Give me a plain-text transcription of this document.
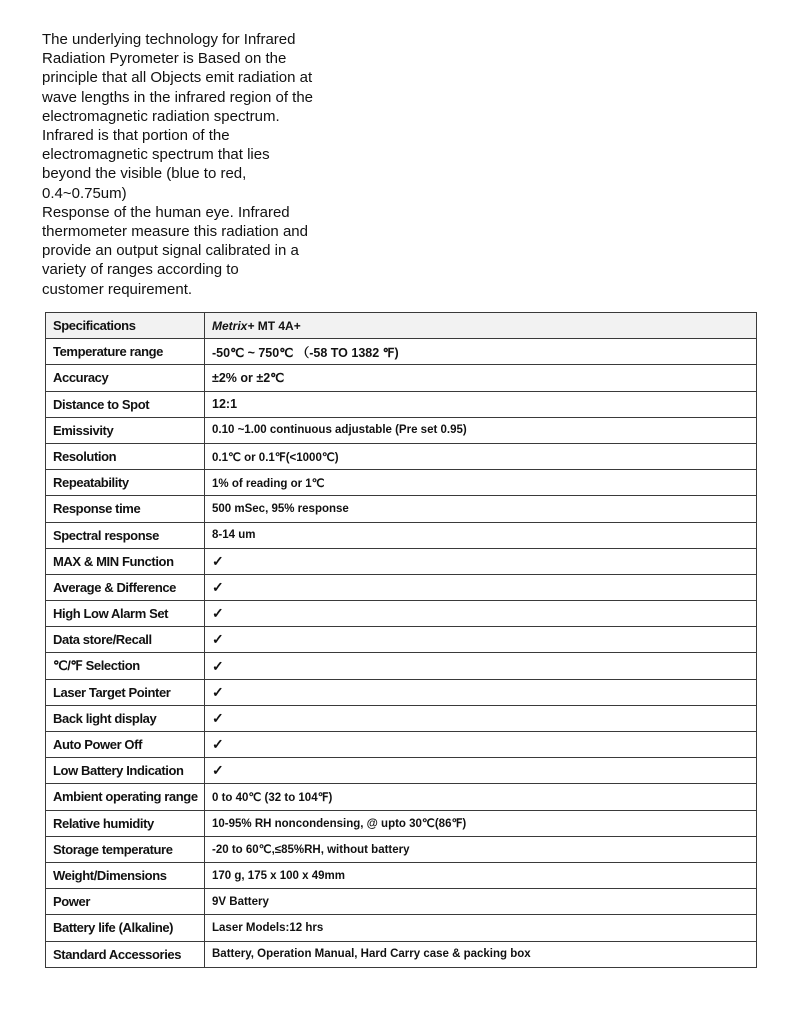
The underlying technology for Infrared
Radiation Pyrometer is Based on the
principle that all Objects emit radiation at
wave lengths in the infrared region of the
electromagnetic radiation spectrum.
Infrared is that portion of the
electromagnetic spectrum that lies
beyond the visible (blue to red,
0.4~0.75um)
Response of the human eye. Infrared
thermometer measure this radiation and
provide an output signal calibrated in a
variety of ranges according to
customer requirement.

Specifications	Metrix+ MT 4A+
Temperature range	-50℃ ~ 750℃ （-58 TO 1382 ℉)
Accuracy	±2% or ±2℃
Distance to Spot	12:1
Emissivity	0.10 ~1.00 continuous adjustable (Pre set 0.95)
Resolution	0.1℃ or 0.1℉(<1000℃)
Repeatability	1% of reading or 1℃
Response time	500 mSec, 95% response
Spectral response	8-14 um
MAX & MIN Function	✓
Average & Difference	✓
High Low Alarm Set	✓
Data store/Recall	✓
℃/℉ Selection	✓
Laser Target Pointer	✓
Back light display	✓
Auto Power Off	✓
Low Battery Indication	✓
Ambient operating range	0 to 40℃ (32 to 104℉)
Relative humidity	10-95% RH noncondensing, @ upto 30℃(86℉)
Storage temperature	-20 to 60℃,≤85%RH, without battery
Weight/Dimensions	170 g, 175 x 100 x 49mm
Power	9V Battery
Battery life (Alkaline)	Laser Models:12 hrs
Standard Accessories	Battery, Operation Manual, Hard Carry case & packing box
